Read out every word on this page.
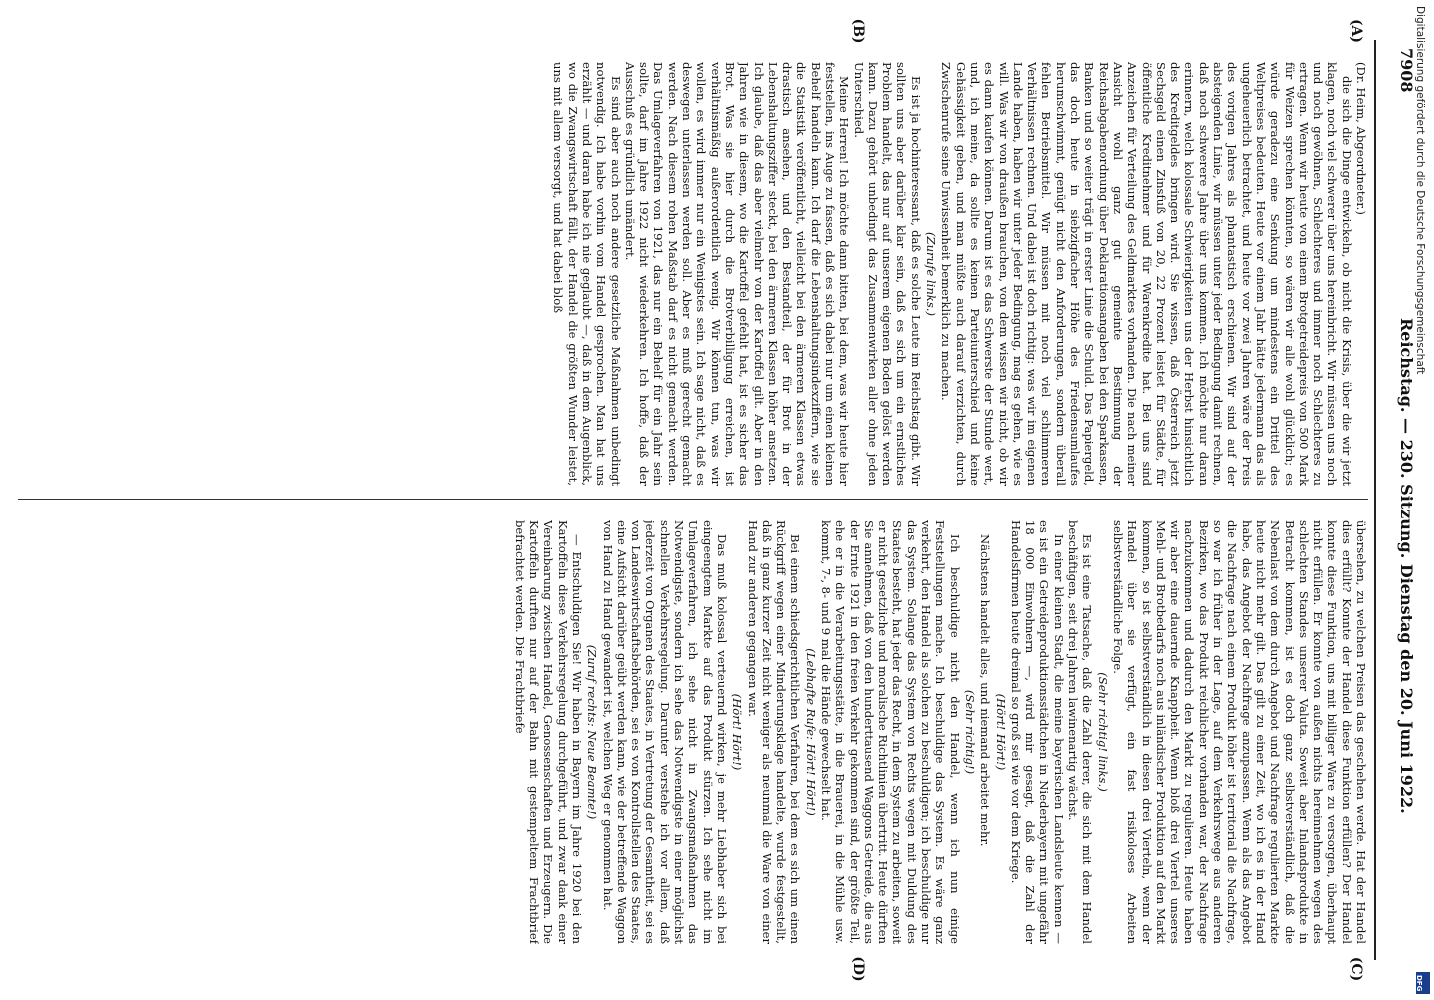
7908
Reichstag. — 230. Sitzung. Dienstag den 20. Juni 1922.
(A)
(B)
(C)
(D)

(Dr. Heim, Abgeordneter.)

die sich die Dinge entwickeln, ob nicht die Krisis, über die wir jetzt klagen, noch viel schwerer über uns hereinbricht. Wir müssen uns noch und noch gewöhnen, Schlechteres und immer noch Schlechteres zu ertragen. Wenn wir heute von einem Brotgetreidepreis von 500 Mark für Weizen sprechen könnten, so wären wir alle wohl glücklich; es würde geradezu eine Senkung um mindestens ein Drittel des Weltpreises bedeuten. Heute vor einem Jahr hätte jedermann das als ungeheuerlich betrachtet, und heute vor zwei Jahren wäre der Preis des vorigen Jahres als phantastisch erschienen. Wir sind auf der absteigenden Linie, wir müssen unter jeder Bedingung damit rechnen, daß noch schwerere Jahre über uns kommen. Ich möchte nur daran erinnern, welch kolossale Schwierigkeiten uns der Herbst hinsichtlich des Kreditgeldes bringen wird. Sie wissen, daß Österreich jetzt Sechsgeld einen Zinsfuß von 20, 22 Prozent leistet für Städte, für öffentliche Kreditnehmer und für Warenkredite hat. Bei uns sind Anzeichen für Verteilung des Geldmarktes vorhanden. Die nach meiner Ansicht wohl ganz gut gemeinte Bestimmung der Reichsabgabenordnung über Deklarationsangaben bei den Sparkassen, Banken und so weiter trägt in erster Linie die Schuld. Das Papiergeld, das doch heute in siebzigfacher Höhe des Friedensumlaufes herumschwimmt, genügt nicht den Anforderungen, sondern überall fehlen Betriebsmittel. Wir müssen mit noch viel schlimmeren Verhältnissen rechnen. Und dabei ist doch richtig: was wir im eigenen Lande haben, haben wir unter jeder Bedingung, mag es gehen, wie es will. Was wir von draußen brauchen, von dem wissen wir nicht, ob wir es dann kaufen können. Darum ist es das Schwerste der Stunde wert, und, ich meine, da sollte es keinen Parteiunterschied und keine Gehässigkeit geben, und man müßte auch darauf verzichten, durch Zwischenrufe seine Unwissenheit bemerklich zu machen.

(Zurufe links.)

Es ist ja hochinteressant, daß es solche Leute im Reichstag gibt. Wir sollten uns aber darüber klar sein, daß es sich um ein ernstliches Problem handelt, das nur auf unserem eigenen Boden gelöst werden kann. Dazu gehört unbedingt das Zusammenwirken aller ohne jeden Unterschied.

Meine Herren! Ich möchte dann bitten, bei dem, was wir heute hier feststellen, ins Auge zu fassen, daß es sich dabei nur um einen kleinen Behelf handeln kann. Ich darf die Lebenshaltungsindexziffern, wie sie die Statistik veröffentlicht, vielleicht bei den ärmeren Klassen etwas drastisch ansehen, und den Bestandteil, der für Brot in der Lebenshaltungsziffer steckt, bei den ärmeren Klassen höher ansetzen. Ich glaube, daß das aber vielmehr von der Kartoffel gilt. Aber in den Jahren wie in diesem, wo die Kartoffel gefehlt hat, ist es sicher das Brot. Was sie hier durch die Brotverbilligung erreichen, ist verhältnismäßig außerordentlich wenig. Wir können tun, was wir wollen, es wird immer nur ein Wenigstes sein. Ich sage nicht, daß es deswegen unterlassen werden soll. Aber es muß gerecht gemacht werden. Nach diesem rohen Maßstab darf es nicht gemacht werden. Das Umlageverfahren von 1921, das nur ein Behelf für ein Jahr sein sollte, darf im Jahre 1922 nicht wiederkehren. Ich hoffe, daß der Ausschuß es gründlich umändert.

Es sind aber auch noch andere gesetzliche Maßnahmen unbedingt notwendig. Ich habe vorhin vom Handel gesprochen. Man hat uns erzählt — und daran habe ich nie geglaubt —, daß in dem Augenblick, wo die Zwangswirtschaft fällt, der Handel die größten Wunder leistet, uns mit allem versorgt, und hat dabei bloß

übersehen, zu welchen Preisen das geschehen werde. Hat der Handel dies erfüllt? Konnte der Handel diese Funktion erfüllen? Der Handel konnte diese Funktion, uns mit billiger Ware zu versorgen, überhaupt nicht erfüllen. Er konnte von außen nichts hereinnehmen wegen des schlechten Standes unserer Valuta. Soweit aber Inlandsprodukte in Betracht kommen, ist es doch ganz selbstverständlich, daß die Nebenlast von dem durch Angebot und Nachfrage regulierten Markte heute nicht mehr gilt. Das gilt zu einer Zeit, wo ich es in der Hand habe, das Angebot der Nachfrage anzupassen. Wenn als das Angebot die Nachfrage nach einem Produkt höher ist territorial die Nachfrage, so war ich früher in der Lage, auf dem Verkehrswege aus anderen Bezirken, wo das Produkt reichlicher vorhanden war, der Nachfrage nachzukommen und dadurch den Markt zu regulieren. Heute haben wir aber eine dauernde Knappheit. Wenn bloß drei Viertel unseres Mehl- und Brotbedarfs noch aus inländischer Produktion auf den Markt kommen, so ist selbstverständlich in diesen drei Vierteln, wenn der Handel über sie verfügt, ein fast risikoloses Arbeiten selbstverständliche Folge.

(Sehr richtig! links.)

Es ist eine Tatsache, daß die Zahl derer, die sich mit dem Handel beschäftigen, seit drei Jahren lawinenartig wächst.

In einer kleinen Stadt, die meine bayerischen Landsleute kennen — es ist ein Getreideproduktionsstädtchen in Niederbayern mit ungefähr 18 000 Einwohnern —, wird mir gesagt, daß die Zahl der Handelsfirmen heute dreimal so groß sei wie vor dem Kriege.

(Hört! Hört!)

Nächstens handelt alles, und niemand arbeitet mehr.

(Sehr richtig!)

Ich beschuldige nicht den Handel, wenn ich nun einige Feststellungen mache. Ich beschuldige das System. Es wäre ganz verkehrt, den Handel als solchen zu beschuldigen; ich beschuldige nur das System. Solange das System von Rechts wegen mit Duldung des Staates besteht, hat jeder das Recht, in dem System zu arbeiten, soweit er nicht gesetzliche und moralische Richtlinien übertritt. Heute dürften Sie annehmen, daß von den hunderttausend Waggons Getreide, die aus der Ernte 1921 in den freien Verkehr gekommen sind, der größte Teil, ehe er in die Verarbeitungsstätte, in die Brauerei, in die Mühle usw. kommt, 7-, 8- und 9 mal die Hände gewechselt hat.

(Lebhafte Rufe: Hört! Hört!)

Bei einem schiedsgerichtlichen Verfahren, bei dem es sich um einen Rückgriff wegen einer Minderungsklage handelte, wurde festgestellt, daß in ganz kurzer Zeit nicht weniger als neunmal die Ware von einer Hand zur anderen gegangen war.

(Hört! Hört!)

Das muß kolossal verteuernd wirken, je mehr Liebhaber sich bei eingeengtem Markte auf das Produkt stürzen. Ich sehe nicht im Umlageverfahren, ich sehe nicht in Zwangsmaßnahmen das Notwendigste, sondern ich sehe das Notwendigste in einer möglichst schnellen Verkehrsregelung. Darunter verstehe ich vor allem, daß jederzeit von Organen des Staates, in Vertretung der Gesamtheit, sei es von Landeswirtschaftsbehörden, sei es von Kontrollstellen des Staates, eine Aufsicht darüber geübt werden kann, wie der betreffende Waggon von Hand zu Hand gewandert ist, welchen Weg er genommen hat.

(Zuruf rechts: Neue Beamte!)

— Entschuldigen Sie! Wir haben in Bayern im Jahre 1920 bei den Kartoffeln diese Verkehrsregelung durchgeführt, und zwar dank einer Vereinbarung zwischen Handel, Genossenschaften und Erzeugern. Die Kartoffeln durften nur auf der Bahn mit gestempeltem Frachtbrief befrachtet werden. Die Frachtbriefe

Digitalisierung gefördert durch die Deutsche Forschungsgemeinschaft
DFG
